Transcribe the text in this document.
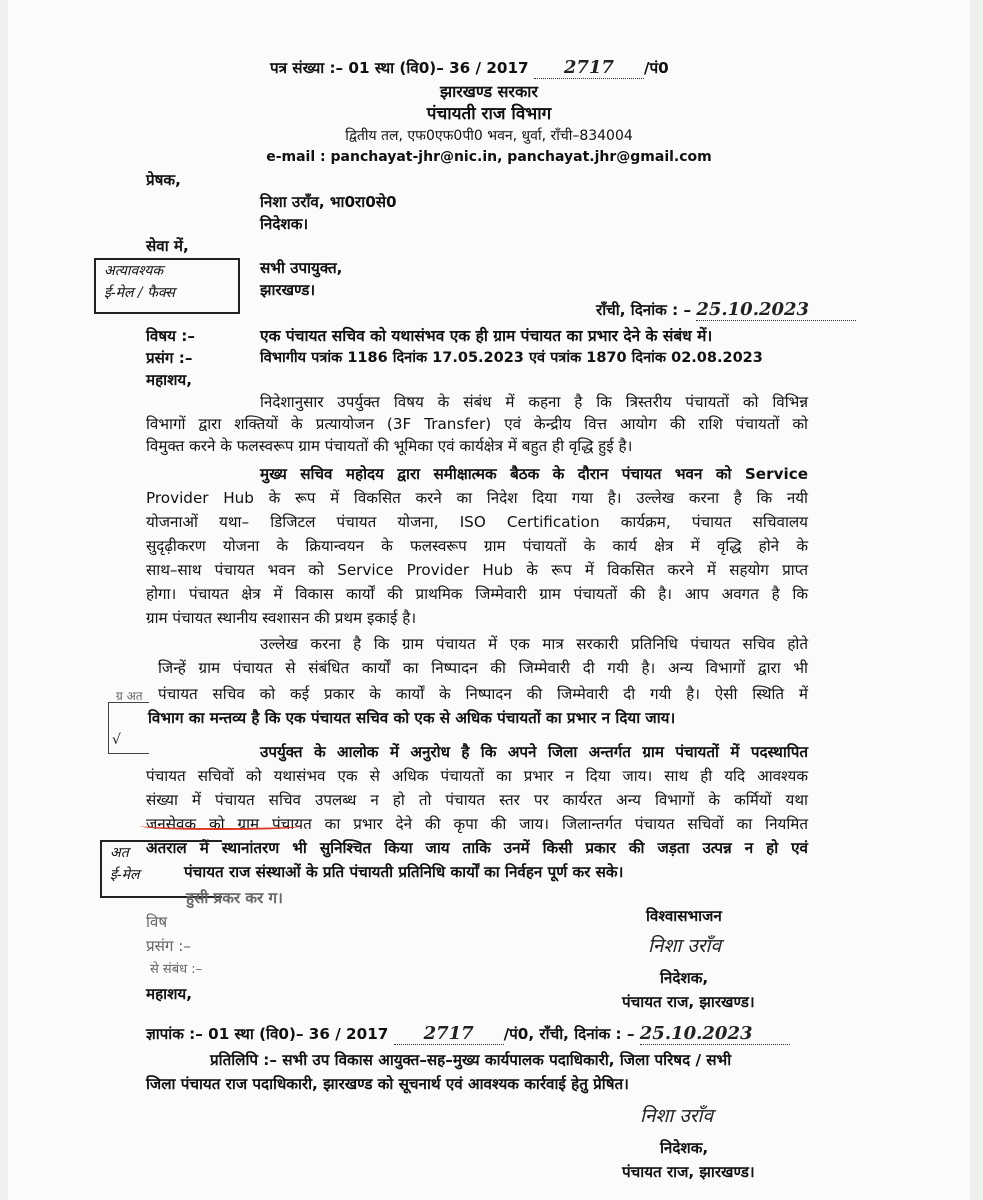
पत्र संख्या :– 01 स्था (वि0)– 36 / 2017 2717 /पं0
झारखण्ड सरकार
पंचायती राज विभाग
द्वितीय तल, एफ0एफ0पी0 भवन, धुर्वा, राँची–834004
e-mail : panchayat-jhr@nic.in, panchayat.jhr@gmail.com
प्रेषक,
निशा उराँव, भा0रा0से0
निदेशक।
सेवा में,
सभी उपायुक्त,
झारखण्ड।
अत्यावश्यक
ई-मेल / फैक्स
राँची, दिनांक : – 25.10.2023
विषय :–	एक पंचायत सचिव को यथासंभव एक ही ग्राम पंचायत का प्रभार देने के संबंध में।
प्रसंग :–	विभागीय पत्रांक 1186 दिनांक 17.05.2023 एवं पत्रांक 1870 दिनांक 02.08.2023
महाशय,
निदेशानुसार उपर्युक्त विषय के संबंध में कहना है कि त्रिस्तरीय पंचायतों को विभिन्न
विभागों द्वारा शक्तियों के प्रत्यायोजन (3F Transfer) एवं केन्द्रीय वित्त आयोग की राशि पंचायतों को
विमुक्त करने के फलस्वरूप ग्राम पंचायतों की भूमिका एवं कार्यक्षेत्र में बहुत ही वृद्धि हुई है।
मुख्य सचिव महोदय द्वारा समीक्षात्मक बैठक के दौरान पंचायत भवन को Service
Provider Hub के रूप में विकसित करने का निदेश दिया गया है। उल्लेख करना है कि नयी
योजनाओं यथा– डिजिटल पंचायत योजना, ISO Certification कार्यक्रम, पंचायत सचिवालय
सुदृढ़ीकरण योजना के क्रियान्वयन के फलस्वरूप ग्राम पंचायतों के कार्य क्षेत्र में वृद्धि होने के
साथ–साथ पंचायत भवन को Service Provider Hub के रूप में विकसित करने में सहयोग प्राप्त
होगा। पंचायत क्षेत्र में विकास कार्यों की प्राथमिक जिम्मेवारी ग्राम पंचायतों की है। आप अवगत है कि
ग्राम पंचायत स्थानीय स्वशासन की प्रथम इकाई है।
उल्लेख करना है कि ग्राम पंचायत में एक मात्र सरकारी प्रतिनिधि पंचायत सचिव होते
जिन्हें ग्राम पंचायत से संबंधित कार्यों का निष्पादन की जिम्मेवारी दी गयी है। अन्य विभागों द्वारा भी
पंचायत सचिव को कई प्रकार के कार्यों के निष्पादन की जिम्मेवारी दी गयी है। ऐसी स्थिति में
विभाग का मन्तव्य है कि एक पंचायत सचिव को एक से अधिक पंचायतों का प्रभार न दिया जाय।
ग्र अत
√
उपर्युक्त के आलोक में अनुरोध है कि अपने जिला अन्तर्गत ग्राम पंचायतों में पदस्थापित
पंचायत सचिवों को यथासंभव एक से अधिक पंचायतों का प्रभार न दिया जाय। साथ ही यदि आवश्यक
संख्या में पंचायत सचिव उपलब्ध न हो तो पंचायत स्तर पर कार्यरत अन्य विभागों के कर्मियों यथा
जनसेवक को ग्राम पंचायत का प्रभार देने की कृपा की जाय। जिलान्तर्गत पंचायत सचिवों का नियमित
अंतराल में स्थानांतरण भी सुनिश्चित किया जाय ताकि उनमें किसी प्रकार की जड़ता उत्पन्न न हो एवं
पंचायत राज संस्थाओं के प्रति पंचायती प्रतिनिधि कार्यों का निर्वहन पूर्ण कर सके।
अत
ई-मेल
हुसी प्रकर कर ग।
विष
प्रसंग :–
से संबंध :–
महाशय,
विश्वासभाजन
निशा उराँव
निदेशक,
पंचायत राज, झारखण्ड।
ज्ञापांक :– 01 स्था (वि0)– 36 / 2017 2717 /पं0, राँची, दिनांक : – 25.10.2023
प्रतिलिपि :– सभी उप विकास आयुक्त–सह–मुख्य कार्यपालक पदाधिकारी, जिला परिषद / सभी
जिला पंचायत राज पदाधिकारी, झारखण्ड को सूचनार्थ एवं आवश्यक कार्रवाई हेतु प्रेषित।
निशा उराँव
निदेशक,
पंचायत राज, झारखण्ड।
